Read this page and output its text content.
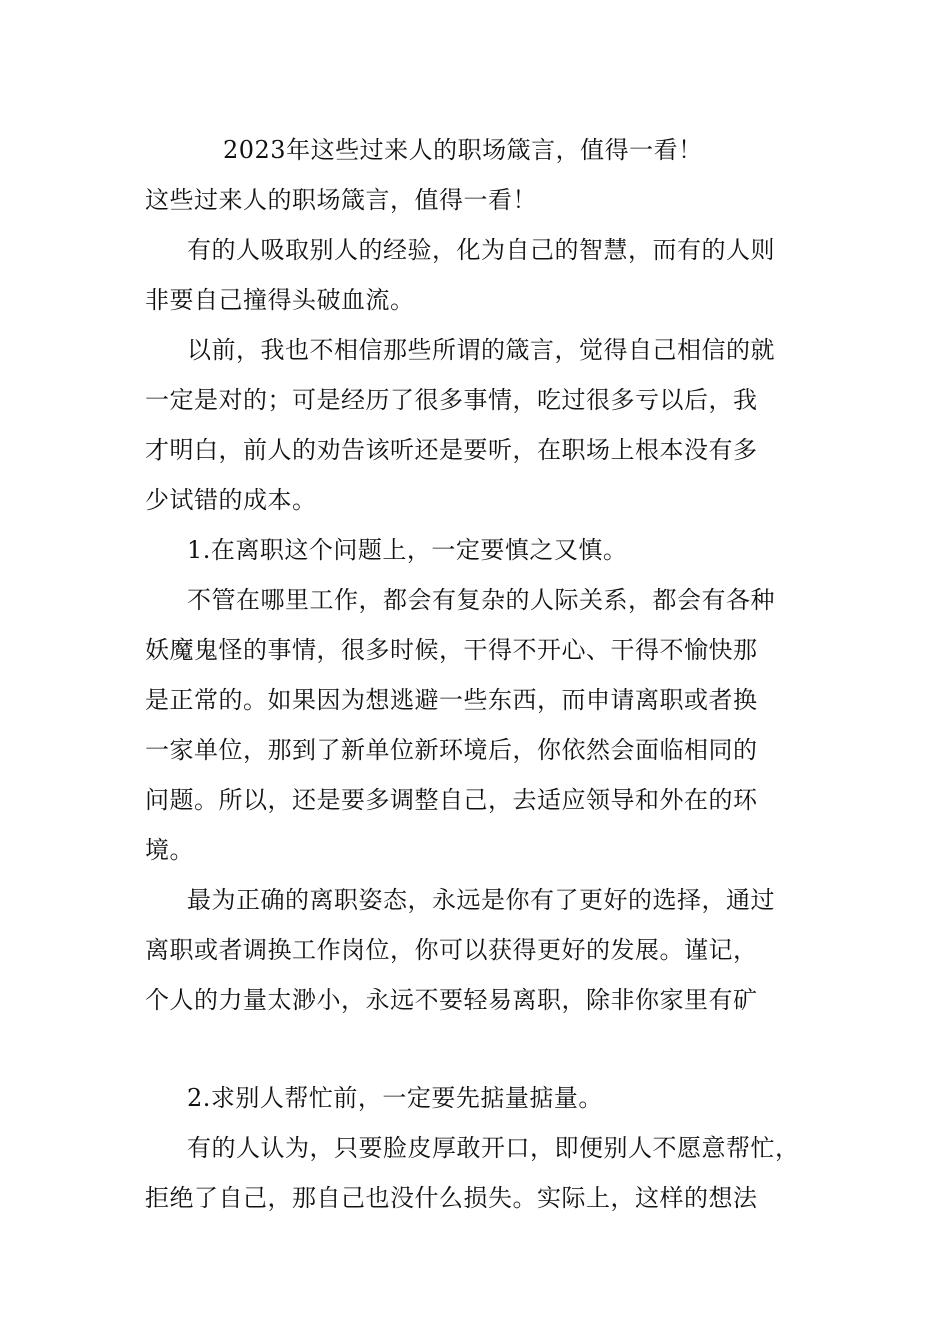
2023年这些过来人的职场箴言，值得一看！
这些过来人的职场箴言，值得一看！
有的人吸取别人的经验，化为自己的智慧，而有的人则
非要自己撞得头破血流。
以前，我也不相信那些所谓的箴言，觉得自己相信的就
一定是对的；可是经历了很多事情，吃过很多亏以后，我
才明白，前人的劝告该听还是要听，在职场上根本没有多
少试错的成本。
1.在离职这个问题上，一定要慎之又慎。
不管在哪里工作，都会有复杂的人际关系，都会有各种
妖魔鬼怪的事情，很多时候，干得不开心、干得不愉快那
是正常的。如果因为想逃避一些东西，而申请离职或者换
一家单位，那到了新单位新环境后，你依然会面临相同的
问题。所以，还是要多调整自己，去适应领导和外在的环
境。
最为正确的离职姿态，永远是你有了更好的选择，通过
离职或者调换工作岗位，你可以获得更好的发展。谨记，
个人的力量太渺小，永远不要轻易离职，除非你家里有矿
2.求别人帮忙前，一定要先掂量掂量。
有的人认为，只要脸皮厚敢开口，即便别人不愿意帮忙，
拒绝了自己，那自己也没什么损失。实际上，这样的想法
